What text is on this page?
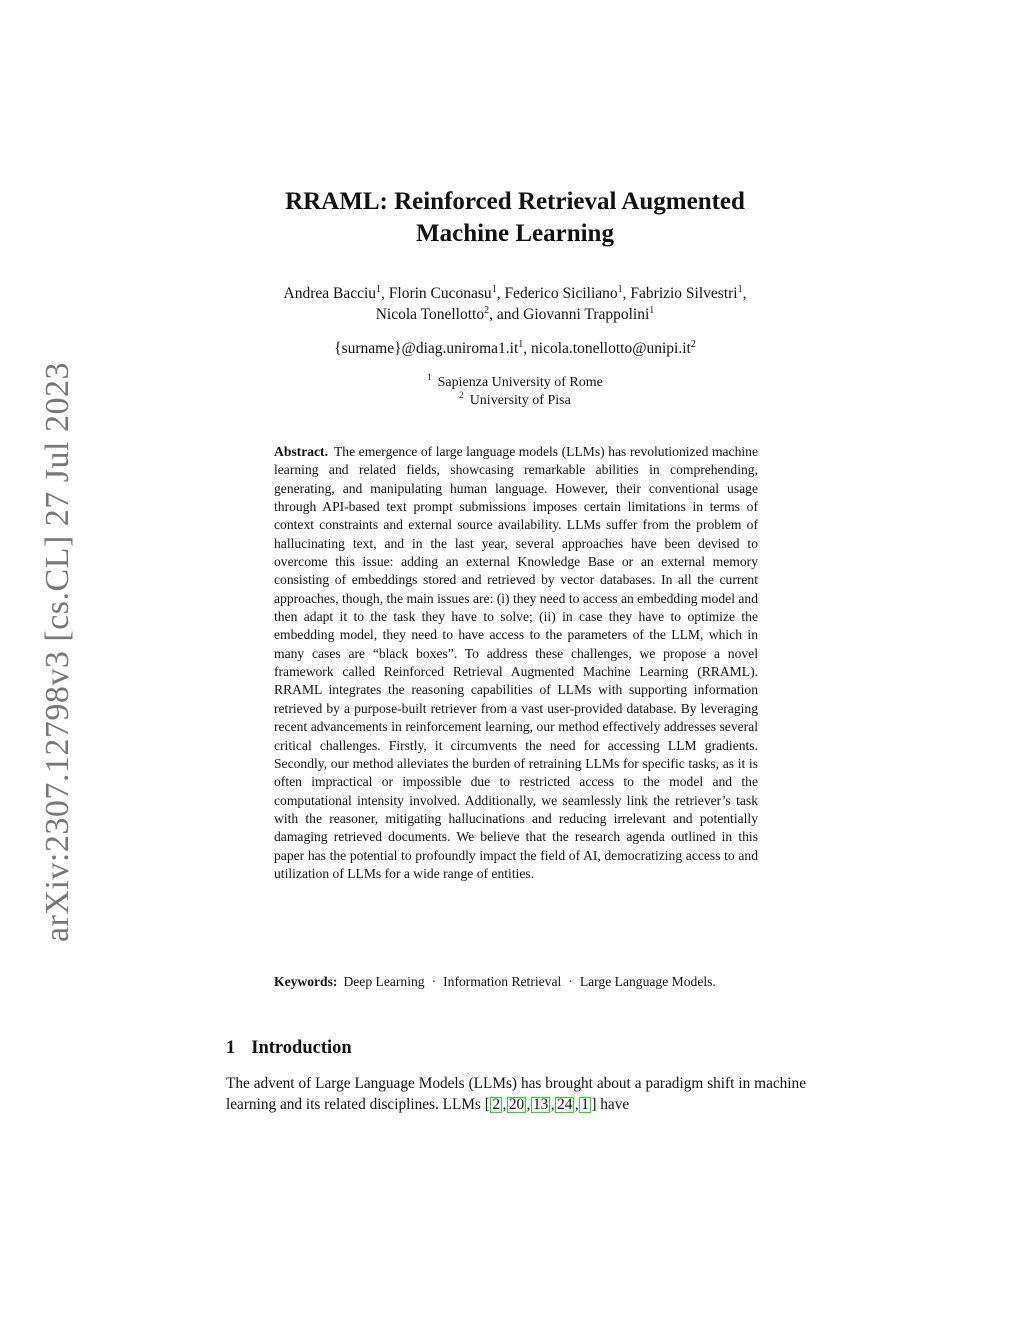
arXiv:2307.12798v3 [cs.CL] 27 Jul 2023
RRAML: Reinforced Retrieval Augmented
Machine Learning
Andrea Bacciu$^1$, Florin Cuconasu$^1$, Federico Siciliano$^1$, Fabrizio Silvestri$^1$,
Nicola Tonellotto$^2$, and Giovanni Trappolini$^1$
$\{surname\}@diag.uniroma1.it^1$, $nicola.tonellotto@unipi.it^2$
$^1$ Sapienza University of Rome
$^2$ University of Pisa

Abstract. The emergence of large language models (LLMs) has revolutionized machine learning and related fields, showcasing remarkable abilities in comprehending, generating, and manipulating human language. However, their conventional usage through API-based text prompt submissions imposes certain limitations in terms of context constraints and external source availability. LLMs suffer from the problem of hallucinating text, and in the last year, several approaches have been devised to overcome this issue: adding an external Knowledge Base or an external memory consisting of embeddings stored and retrieved by vector databases. In all the current approaches, though, the main issues are: (i) they need to access an embedding model and then adapt it to the task they have to solve; (ii) in case they have to optimize the embedding model, they need to have access to the parameters of the LLM, which in many cases are “black boxes”. To address these challenges, we propose a novel framework called Reinforced Retrieval Augmented Machine Learning (RRAML). RRAML integrates the reasoning capabilities of LLMs with supporting information retrieved by a purpose-built retriever from a vast user-provided database. By leveraging recent advancements in reinforcement learning, our method effectively addresses several critical challenges. Firstly, it circumvents the need for accessing LLM gradients. Secondly, our method alleviates the burden of retraining LLMs for specific tasks, as it is often impractical or impossible due to restricted access to the model and the computational intensity involved. Additionally, we seamlessly link the retriever’s task with the reasoner, mitigating hallucinations and reducing irrelevant and potentially damaging retrieved documents. We believe that the research agenda outlined in this paper has the potential to profoundly impact the field of AI, democratizing access to and utilization of LLMs for a wide range of entities.

Keywords: Deep Learning · Information Retrieval · Large Language Models.

1 Introduction

The advent of Large Language Models (LLMs) has brought about a paradigm shift in machine learning and its related disciplines. LLMs [ 2 , 20 , 13 , 24 , 1 ] have
